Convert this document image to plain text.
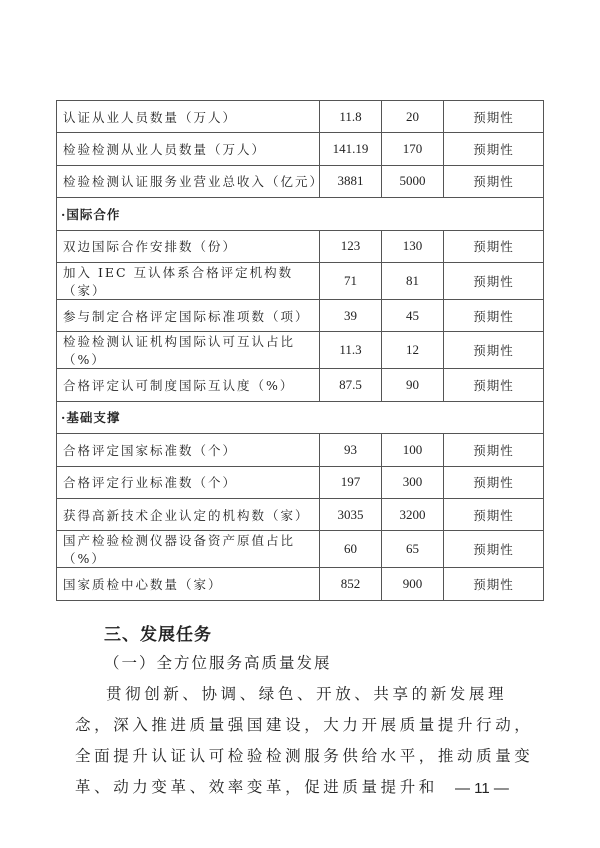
认证从业人员数量（万人）	11.8	20	预期性
检验检测从业人员数量（万人）	141.19	170	预期性
检验检测认证服务业营业总收入（亿元）	3881	5000	预期性
·国际合作			
双边国际合作安排数（份）	123	130	预期性
加入 IEC 互认体系合格评定机构数（家）	71	81	预期性
参与制定合格评定国际标准项数（项）	39	45	预期性
检验检测认证机构国际认可互认占比（%）	11.3	12	预期性
合格评定认可制度国际互认度（%）	87.5	90	预期性
·基础支撑			
合格评定国家标准数（个）	93	100	预期性
合格评定行业标准数（个）	197	300	预期性
获得高新技术企业认定的机构数（家）	3035	3200	预期性
国产检验检测仪器设备资产原值占比（%）	60	65	预期性
国家质检中心数量（家）	852	900	预期性
三、发展任务
（一）全方位服务高质量发展
贯彻创新、协调、绿色、开放、共享的新发展理念，深入推进质量强国建设，大力开展质量提升行动，全面提升认证认可检验检测服务供给水平，推动质量变革、动力变革、效率变革，促进质量提升和	— 11 —
